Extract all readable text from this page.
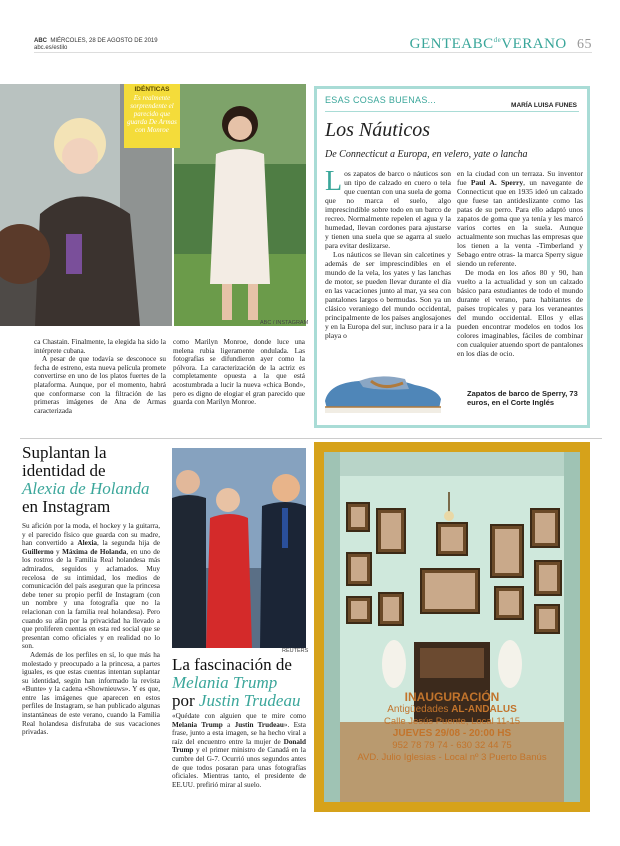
ABC MIÉRCOLES, 28 DE AGOSTO DE 2019
abc.es/estilo	$GENTEABC^{de}VERANO$ 65
IDÉNTICAS
Es realmente sorprendente el parecido que guarda De Armas con Monroe
ABC / INSTAGRAM

ca Chastain. Finalmente, la elegida ha sido la intérprete cubana.

A pesar de que todavía se desconoce su fecha de estreno, esta nueva película promete convertirse en uno de los platos fuertes de la plataforma. Aunque, por el momento, habrá que conformarse con la filtración de las primeras imágenes de Ana de Armas caracterizada

como Marilyn Monroe, donde luce una melena rubia ligeramente ondulada. Las fotografías se difundieron ayer como la pólvora. La caracterización de la actriz es completamente opuesta a la que está acostumbrada a lucir la nueva «chica Bond», pero es digno de elogiar el gran parecido que guarda con Marilyn Monroe.

ESAS COSAS BUENAS...
MARÍA LUISA FUNES
Los Náuticos
De Connecticut a Europa, en velero, yate o lancha

Los zapatos de barco o náuticos son un tipo de calzado en cuero o tela que cuentan con una suela de goma que no marca el suelo, algo imprescindible sobre todo en un barco de recreo. Normalmente repelen el agua y la humedad, llevan cordones para ajustarse y tienen una suela que se agarra al suelo para evitar deslizarse.

Los náuticos se llevan sin calcetines y además de ser imprescindibles en el mundo de la vela, los yates y las lanchas de motor, se pueden llevar durante el día en las vacaciones junto al mar, ya sea con pantalones largos o bermudas. Son ya un clásico veraniego del mundo occidental, principalmente de los países anglosajones y en la Europa del sur, incluso para ir a la playa o

en la ciudad con un terraza. Su inventor fue Paul A. Sperry, un navegante de Connecticut que en 1935 ideó un calzado que fuese tan antideslizante como las patas de su perro. Para ello adaptó unos zapatos de goma que ya tenía y les marcó varios cortes en la suela. Aunque actualmente son muchas las empresas que los tienen a la venta -Timberland y Sebago entre otras- la marca Sperry sigue siendo un referente.

De moda en los años 80 y 90, han vuelto a la actualidad y son un calzado básico para estudiantes de todo el mundo durante el verano, para habitantes de países tropicales y para los veraneantes del mundo occidental. Ellos y ellas pueden encontrar modelos en todos los colores imaginables, fáciles de combinar con cualquier atuendo sport de pantalones en los días de ocio.

Zapatos de barco de Sperry, 73 euros, en el Corte Inglés
Suplantan la identidad de
Alexia de Holanda
en Instagram

Su afición por la moda, el hockey y la guitarra, y el parecido físico que guarda con su madre, han convertido a Alexia, la segunda hija de Guillermo y Máxima de Holanda, en uno de los rostros de la Familia Real holandesa más admirados, seguidos y aclamados. Muy recelosa de su intimidad, los medios de comunicación del país aseguran que la princesa debe tener su propio perfil de Instagram (con un nombre y una fotografía que no la relacionan con la familia real holandesa). Pero cuando su afán por la privacidad ha llevado a que proliferen cuentas en esta red social que se presentan como oficiales y en realidad no lo son.

Además de los perfiles en sí, lo que más ha molestado y preocupado a la princesa, a partes iguales, es que estas cuentas intentan suplantar su identidad, según han informado la revista «Bunte» y la cadena «Shownieuws». Y es que, entre las imágenes que aparecen en estos perfiles de Instagram, se han publicado algunas instantáneas de este verano, cuando la Familia Real holandesa disfrutaba de sus vacaciones privadas.

REUTERS
La fascinación de
Melania Trump
por Justin Trudeau

«Quédate con alguien que te mire como Melania Trump a Justin Trudeau». Esta frase, junto a esta imagen, se ha hecho viral a raíz del encuentro entre la mujer de Donald Trump y el primer ministro de Canadá en la cumbre del G-7. Ocurrió unos segundos antes de que todos posaran para unas fotografías oficiales. Mientras tanto, el presidente de EE.UU. prefirió mirar al suelo.

INAUGURACIÓN
Antigüedades AL-ANDALUS
Calle Jesús Puente, Local 11-15
JUEVES 29/08 - 20:00 HS
952 78 79 74 - 630 32 44 75
AVD. Julio Iglesias - Local nº 3 Puerto Banús
